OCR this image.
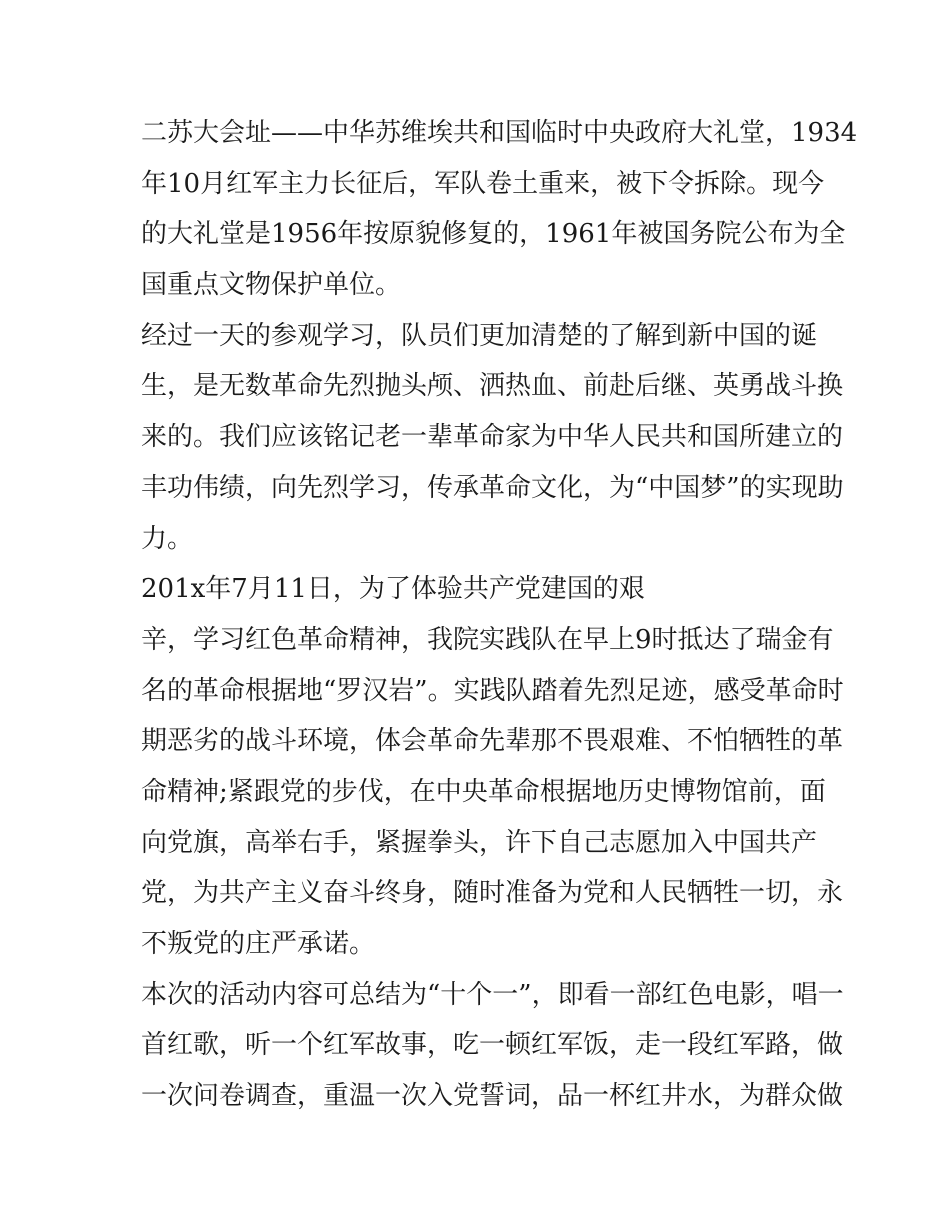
二苏大会址——中华苏维埃共和国临时中央政府大礼堂，1934
年10月红军主力长征后，军队卷土重来，被下令拆除。现今
的大礼堂是1956年按原貌修复的，1961年被国务院公布为全
国重点文物保护单位。

经过一天的参观学习，队员们更加清楚的了解到新中国的诞
生，是无数革命先烈抛头颅、洒热血、前赴后继、英勇战斗换
来的。我们应该铭记老一辈革命家为中华人民共和国所建立的
丰功伟绩，向先烈学习，传承革命文化，为“中国梦”的实现助
力。

201x年7月11日，为了体验共产党建国的艰

辛，学习红色革命精神，我院实践队在早上9时抵达了瑞金有
名的革命根据地“罗汉岩”。实践队踏着先烈足迹，感受革命时
期恶劣的战斗环境，体会革命先辈那不畏艰难、不怕牺牲的革
命精神;紧跟党的步伐，在中央革命根据地历史博物馆前，面
向党旗，高举右手，紧握拳头，许下自己志愿加入中国共产
党，为共产主义奋斗终身，随时准备为党和人民牺牲一切，永
不叛党的庄严承诺。

本次的活动内容可总结为“十个一”，即看一部红色电影，唱一
首红歌，听一个红军故事，吃一顿红军饭，走一段红军路，做
一次问卷调查，重温一次入党誓词，品一杯红井水，为群众做
